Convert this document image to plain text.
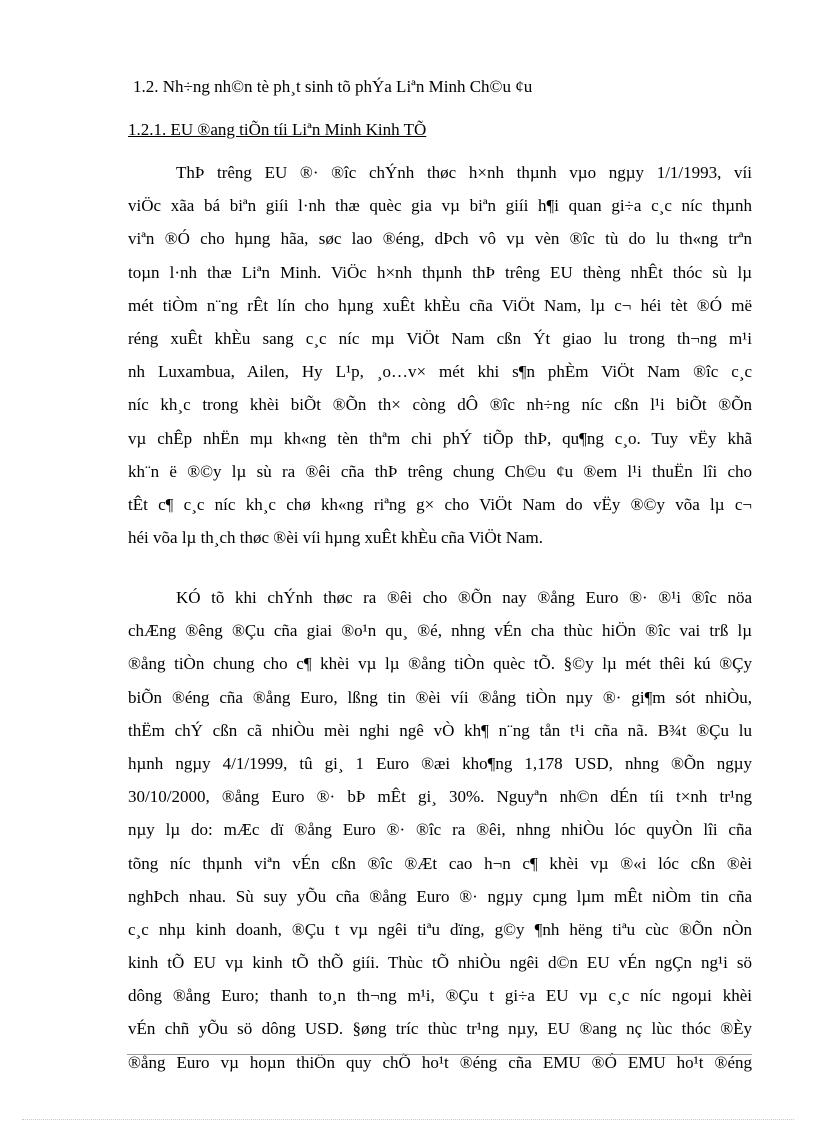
1.2. Nh÷ng nh©n tè ph¸t sinh tõ phÝa Liªn Minh Ch©u ¢u
1.2.1. EU ®ang tiÕn tíi Liªn Minh Kinh TÕ
ThÞ trêng EU ®· ®îc chÝnh thøc h×nh thµnh vµo ngµy 1/1/1993, víi
viÖc xãa bá biªn giíi l·nh thæ quèc gia vµ biªn giíi h¶i quan gi÷a c¸c níc thµnh
viªn ®Ó cho hµng hãa, søc lao ®éng, dÞch vô vµ vèn ®îc tù do lu th«ng trªn
toµn l·nh thæ Liªn Minh. ViÖc h×nh thµnh thÞ trêng EU thèng nhÊt thóc sù lµ
mét tiÒm n¨ng rÊt lín cho hµng xuÊt khÈu cña ViÖt Nam, lµ c¬ héi tèt ®Ó më
réng xuÊt khÈu sang c¸c níc mµ ViÖt Nam cßn Ýt giao lu trong th¬ng m¹i
nh Luxambua, Ailen, Hy L¹p, ¸o…v× mét khi s¶n phÈm ViÖt Nam ®îc c¸c
níc kh¸c trong khèi biÕt ®Õn th× còng dÔ ®îc nh÷ng níc cßn l¹i biÕt ®Õn
vµ chÊp nhËn mµ kh«ng tèn thªm chi phÝ tiÕp thÞ, qu¶ng c¸o. Tuy vËy khã
kh¨n ë ®©y lµ sù ra ®êi cña thÞ trêng chung Ch©u ¢u ®em l¹i thuËn lîi cho
tÊt c¶ c¸c níc kh¸c chø kh«ng riªng g× cho ViÖt Nam do vËy ®©y võa lµ c¬
héi võa lµ th¸ch thøc ®èi víi hµng xuÊt khÈu cña ViÖt Nam.
KÓ tõ khi chÝnh thøc ra ®êi cho ®Õn nay ®ång Euro ®· ®¹i ®îc nöa
chÆng ®êng ®Çu cña giai ®o¹n qu¸ ®é, nhng vÉn cha thùc hiÖn ®îc vai trß lµ
®ång tiÒn chung cho c¶ khèi vµ lµ ®ång tiÒn quèc tÕ. §©y lµ mét thêi kú ®Çy
biÕn ®éng cña ®ång Euro, lßng tin ®èi víi ®ång tiÒn nµy ®· gi¶m sót nhiÒu,
thËm chÝ cßn cã nhiÒu mèi nghi ngê vÒ kh¶ n¨ng tån t¹i cña nã. B¾t ®Çu lu
hµnh ngµy 4/1/1999, tû gi¸ 1 Euro ®æi kho¶ng 1,178 USD, nhng ®Õn ngµy
30/10/2000, ®ång Euro ®· bÞ mÊt gi¸ 30%. Nguyªn nh©n dÉn tíi t×nh tr¹ng
nµy lµ do: mÆc dï ®ång Euro ®· ®îc ra ®êi, nhng nhiÒu lóc quyÒn lîi cña
tõng níc thµnh viªn vÉn cßn ®îc ®Æt cao h¬n c¶ khèi vµ ®«i lóc cßn ®èi
nghÞch nhau. Sù suy yÕu cña ®ång Euro ®· ngµy cµng lµm mÊt niÒm tin cña
c¸c nhµ kinh doanh, ®Çu t vµ ngêi tiªu dïng, g©y ¶nh hëng tiªu cùc ®Õn nÒn
kinh tÕ EU vµ kinh tÕ thÕ giíi. Thùc tÕ nhiÒu ngêi d©n EU vÉn ngÇn ng¹i sö
dông ®ång Euro; thanh to¸n th¬ng m¹i, ®Çu t gi÷a EU vµ c¸c níc ngoµi khèi
vÉn chñ yÕu sö dông USD. §øng tríc thùc tr¹ng nµy, EU ®ang nç lùc thóc ®Èy
®ång Euro vµ hoµn thiÖn quy chÕ ho¹t ®éng cña EMU ®Ó EMU ho¹t ®éng
